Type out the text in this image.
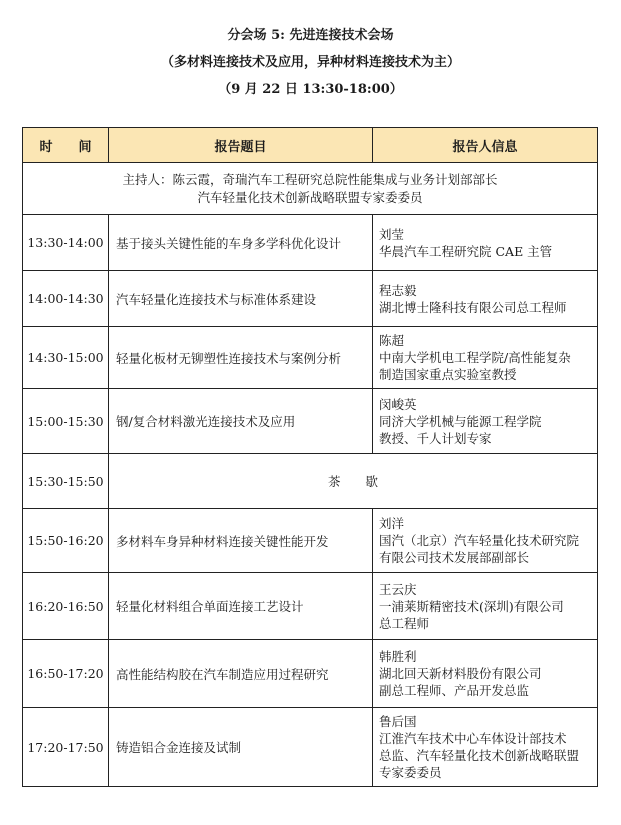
分会场 5: 先进连接技术会场
（多材料连接技术及应用，异种材料连接技术为主）
（9 月 22 日 13:30-18:00）
时　　间	报告题目	报告人信息

主持人：陈云霞，奇瑞汽车工程研究总院性能集成与业务计划部部长
汽车轻量化技术创新战略联盟专家委委员		

13:30-14:00	基于接头关键性能的车身多学科优化设计	刘莹
华晨汽车工程研究院 CAE 主管

14:00-14:30	汽车轻量化连接技术与标准体系建设	程志毅
湖北博士隆科技有限公司总工程师

14:30-15:00	轻量化板材无铆塑性连接技术与案例分析	陈超
中南大学机电工程学院/高性能复杂
制造国家重点实验室教授

15:00-15:30	钢/复合材料激光连接技术及应用	闵峻英
同济大学机械与能源工程学院
教授、千人计划专家

15:30-15:50	茶　　歇	
15:50-16:20	多材料车身异种材料连接关键性能开发	刘洋
国汽（北京）汽车轻量化技术研究院
有限公司技术发展部副部长

16:20-16:50	轻量化材料组合单面连接工艺设计	王云庆
一浦莱斯精密技术(深圳)有限公司
总工程师

16:50-17:20	高性能结构胶在汽车制造应用过程研究	韩胜利
湖北回天新材料股份有限公司
副总工程师、产品开发总监

17:20-17:50	铸造铝合金连接及试制	鲁后国
江淮汽车技术中心车体设计部技术
总监、汽车轻量化技术创新战略联盟
专家委委员
